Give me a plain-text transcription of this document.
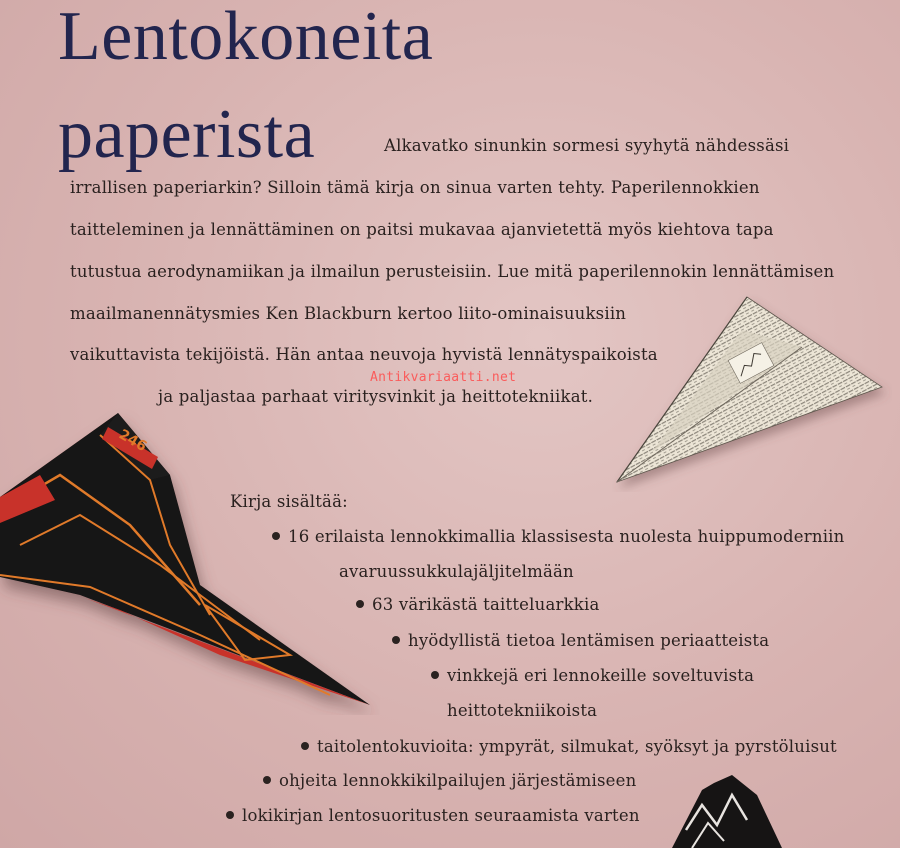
Lentokoneita
paperista	Alkavatko sinunkin sormesi syyhytä nähdessäsi
irrallisen paperiarkin? Silloin tämä kirja on sinua varten tehty. Paperilennokkien
taitteleminen ja lennättäminen on paitsi mukavaa ajanvietettä myös kiehtova tapa
tutustua aerodynamiikan ja ilmailun perusteisiin. Lue mitä paperilennokin lennättämisen
maailmanennätysmies Ken Blackburn kertoo liito-ominaisuuksiin
vaikuttavista tekijöistä. Hän antaa neuvoja hyvistä lennätyspaikoista
ja paljastaa parhaat viritysvinkit ja heittotekniikat.
Antikvariaatti.net
246
Kirja sisältää:
16 erilaista lennokkimallia klassisesta nuolesta huippumoderniin
avaruussukkulajäljitelmään
63 värikästä taitteluarkkia
hyödyllistä tietoa lentämisen periaatteista
vinkkejä eri lennokeille soveltuvista
heittotekniikoista
taitolentokuvioita: ympyrät, silmukat, syöksyt ja pyrstöluisut
ohjeita lennokkikilpailujen järjestämiseen
lokikirjan lentosuoritusten seuraamista varten
